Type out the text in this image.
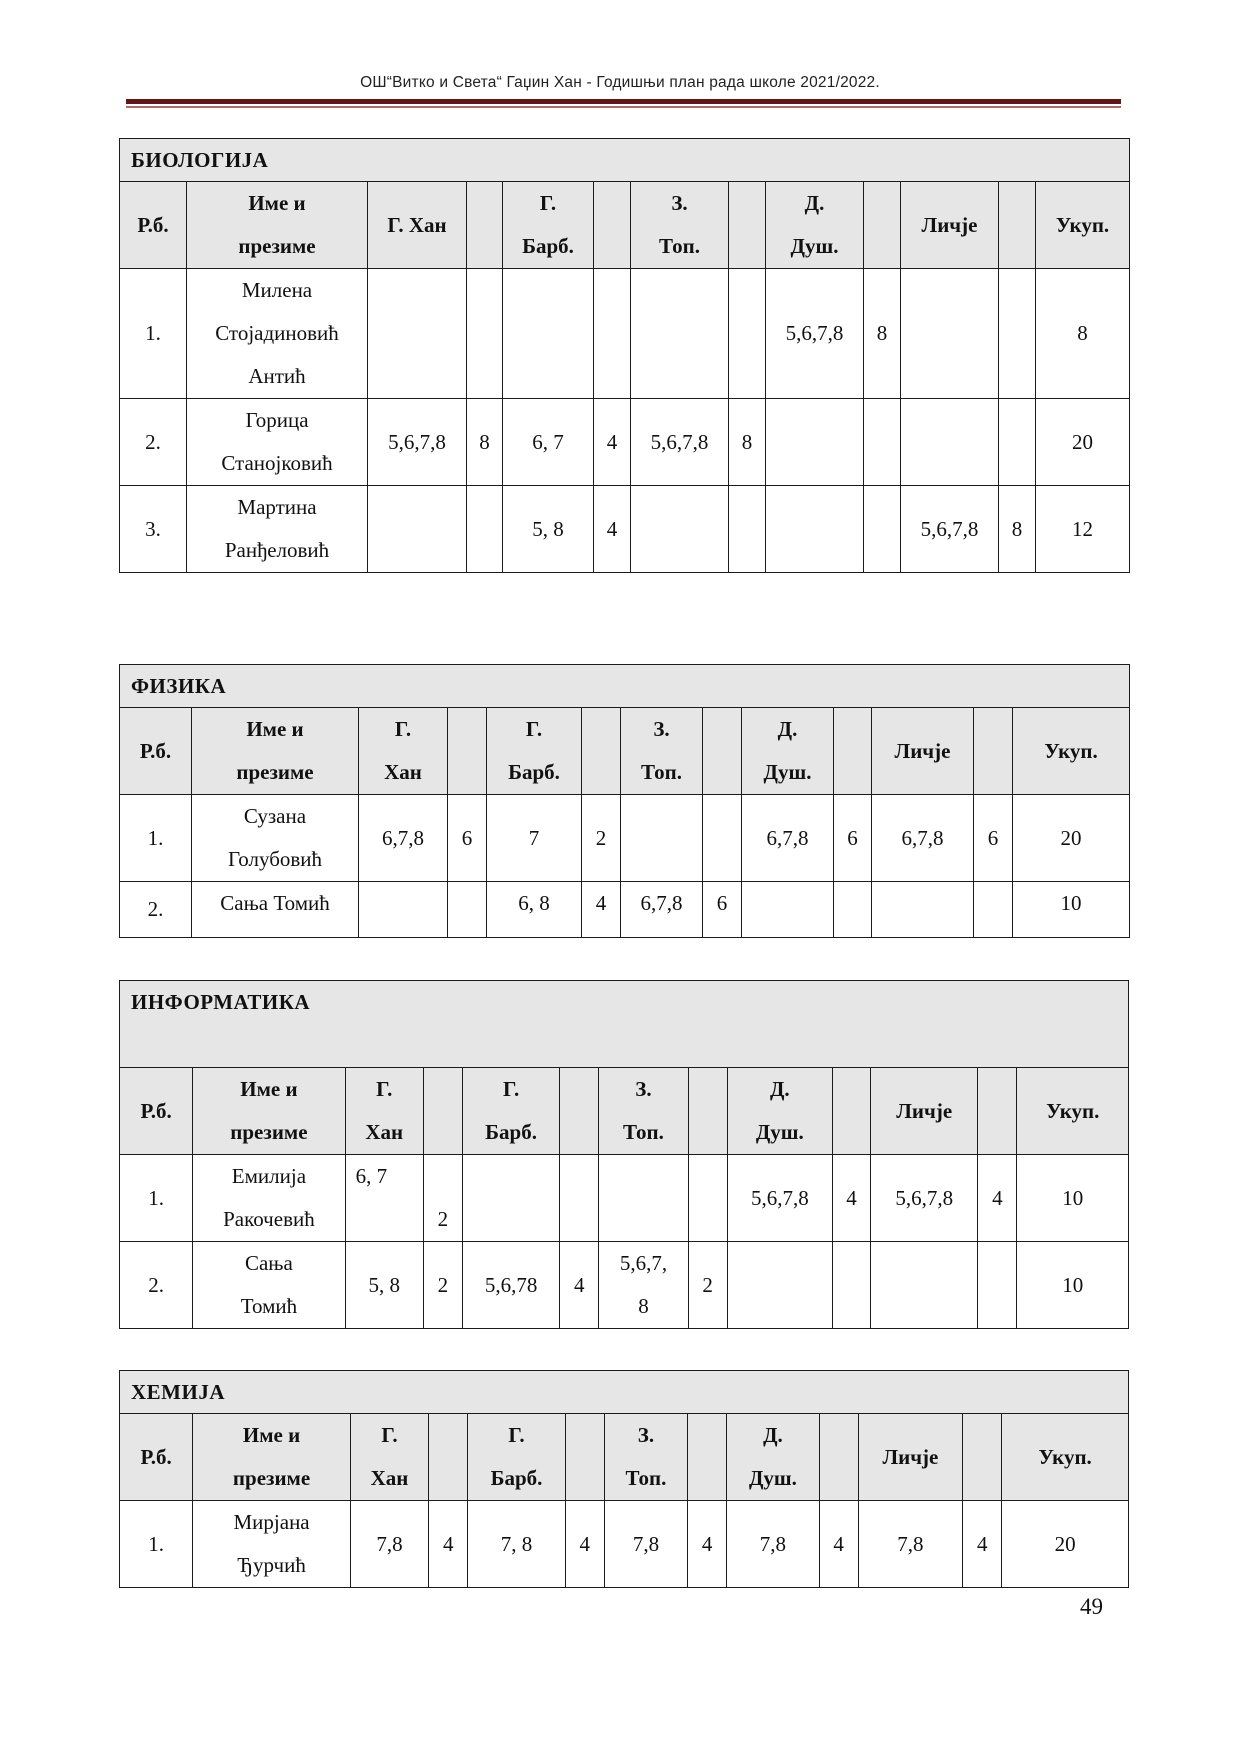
ОШ“Витко и Света“ Гаџин Хан - Годишњи план рада школе 2021/2022.
БИОЛОГИЈА												
Р.б.	Име и
презиме	Г. Хан		Г.
Барб.		З.
Топ.		Д.
Душ.		Личје		Укуп.
1.	Милена
Стојадиновић
Антић							5,6,7,8	8			8
2.	Горица
Станојковић	5,6,7,8	8	6, 7	4	5,6,7,8	8					20
3.	Мартина
Ранђеловић			5, 8	4					5,6,7,8	8	12
ФИЗИКА												
Р.б.	Име и
презиме	Г.
Хан		Г.
Барб.		З.
Топ.		Д.
Душ.		Личје		Укуп.
1.	Сузана
Голубовић	6,7,8	6	7	2			6,7,8	6	6,7,8	6	20
2.	Сања Томић			6, 8	4	6,7,8	6					10
ИНФОРМАТИКА												
Р.б.	Име и
презиме	Г.
Хан		Г.
Барб.		З.
Топ.		Д.
Душ.		Личје		Укуп.
1.	Емилија
Ракочевић	6, 7	2					5,6,7,8	4	5,6,7,8	4	10
2.	Сања
Томић	5, 8	2	5,6,78	4	5,6,7,
8	2					10
ХЕМИЈА												
Р.б.	Име и
презиме	Г.
Хан		Г.
Барб.		З.
Топ.		Д.
Душ.		Личје		Укуп.
1.	Мирјана
Ђурчић	7,8	4	7, 8	4	7,8	4	7,8	4	7,8	4	20
49
